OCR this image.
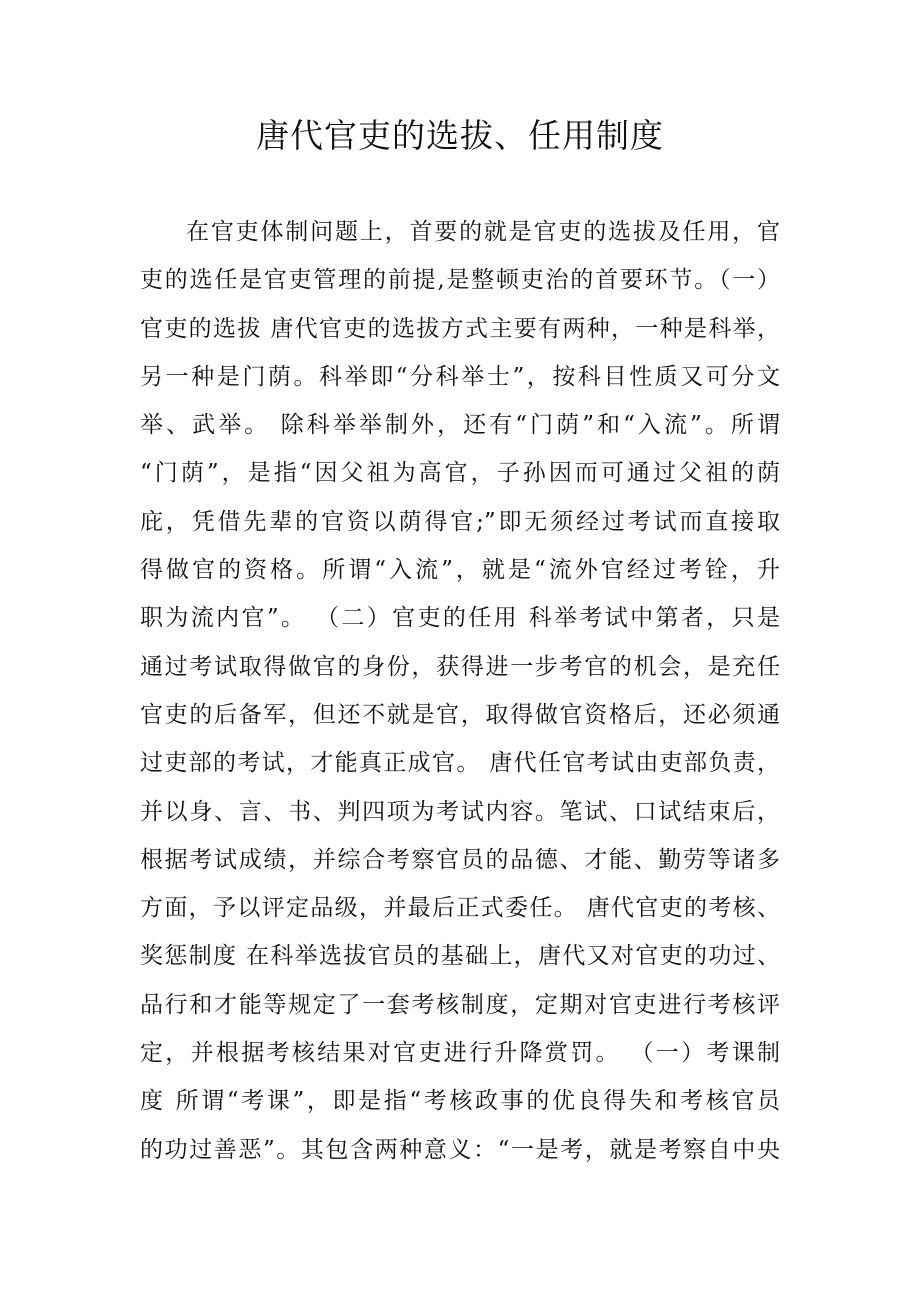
唐代官吏的选拔、任用制度
在官吏体制问题上，首要的就是官吏的选拔及任用，官
吏的选任是官吏管理的前提,是整顿吏治的首要环节。（一）
官吏的选拔 唐代官吏的选拔方式主要有两种，一种是科举，
另一种是门荫。科举即“分科举士”，按科目性质又可分文
举、武举。 除科举举制外，还有“门荫”和“入流”。所谓
“门荫”，是指“因父祖为高官，子孙因而可通过父祖的荫
庇，凭借先辈的官资以荫得官;”即无须经过考试而直接取
得做官的资格。所谓“入流”，就是“流外官经过考铨，升
职为流内官”。 （二）官吏的任用 科举考试中第者，只是
通过考试取得做官的身份，获得进一步考官的机会，是充任
官吏的后备军，但还不就是官，取得做官资格后，还必须通
过吏部的考试，才能真正成官。 唐代任官考试由吏部负责，
并以身、言、书、判四项为考试内容。笔试、口试结束后，
根据考试成绩，并综合考察官员的品德、才能、勤劳等诸多
方面，予以评定品级，并最后正式委任。 唐代官吏的考核、
奖惩制度 在科举选拔官员的基础上，唐代又对官吏的功过、
品行和才能等规定了一套考核制度，定期对官吏进行考核评
定，并根据考核结果对官吏进行升降赏罚。 （一）考课制
度 所谓“考课”，即是指“考核政事的优良得失和考核官员
的功过善恶”。其包含两种意义：“一是考，就是考察自中央
